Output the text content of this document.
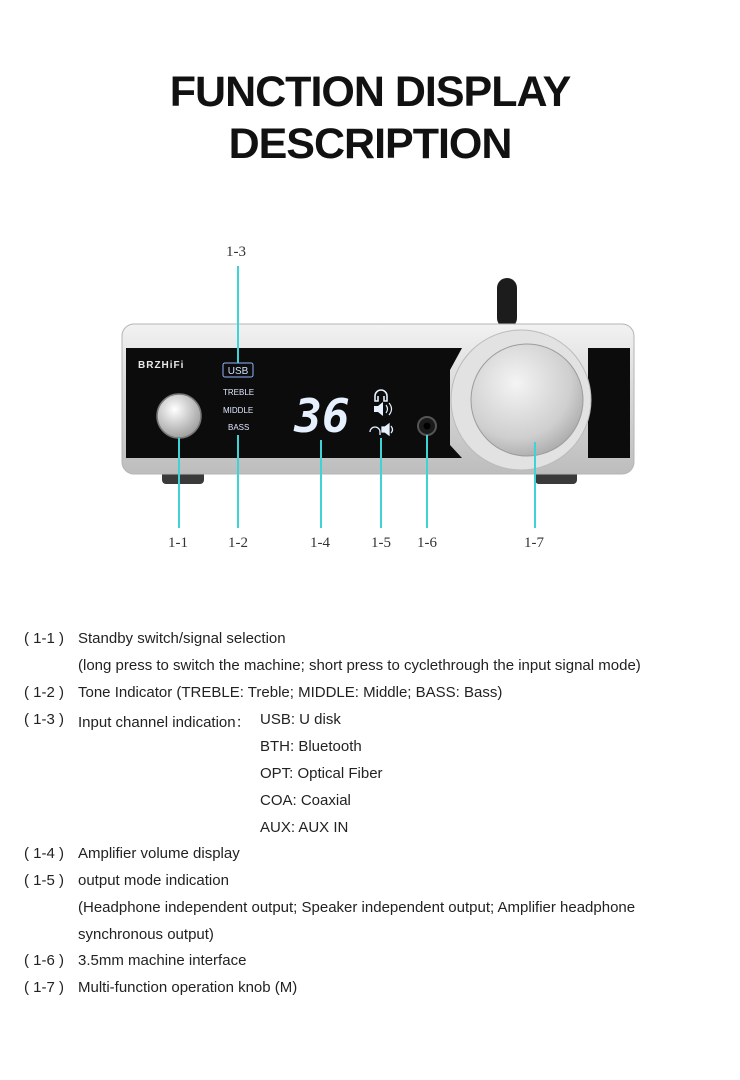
FUNCTION DISPLAY
DESCRIPTION
BRZHiFi
USB
TREBLE
MIDDLE
BASS 36
1-3
1-1	1-2	1-4	1-5 1-6	1-7
( 1-1 ) Standby switch/signal selection
(long press to switch the machine; short press to cyclethrough the input signal mode)
( 1-2 ) Tone Indicator (TREBLE: Treble; MIDDLE: Middle; BASS: Bass)
( 1-3 ) Input channel indication： USB: U disk
BTH: Bluetooth
OPT: Optical Fiber
COA: Coaxial
AUX: AUX IN
( 1-4 ) Amplifier volume display
( 1-5 ) output mode indication
(Headphone independent output; Speaker independent output; Amplifier headphone
synchronous output)
( 1-6 ) 3.5mm machine interface
( 1-7 ) Multi-function operation knob (M)
